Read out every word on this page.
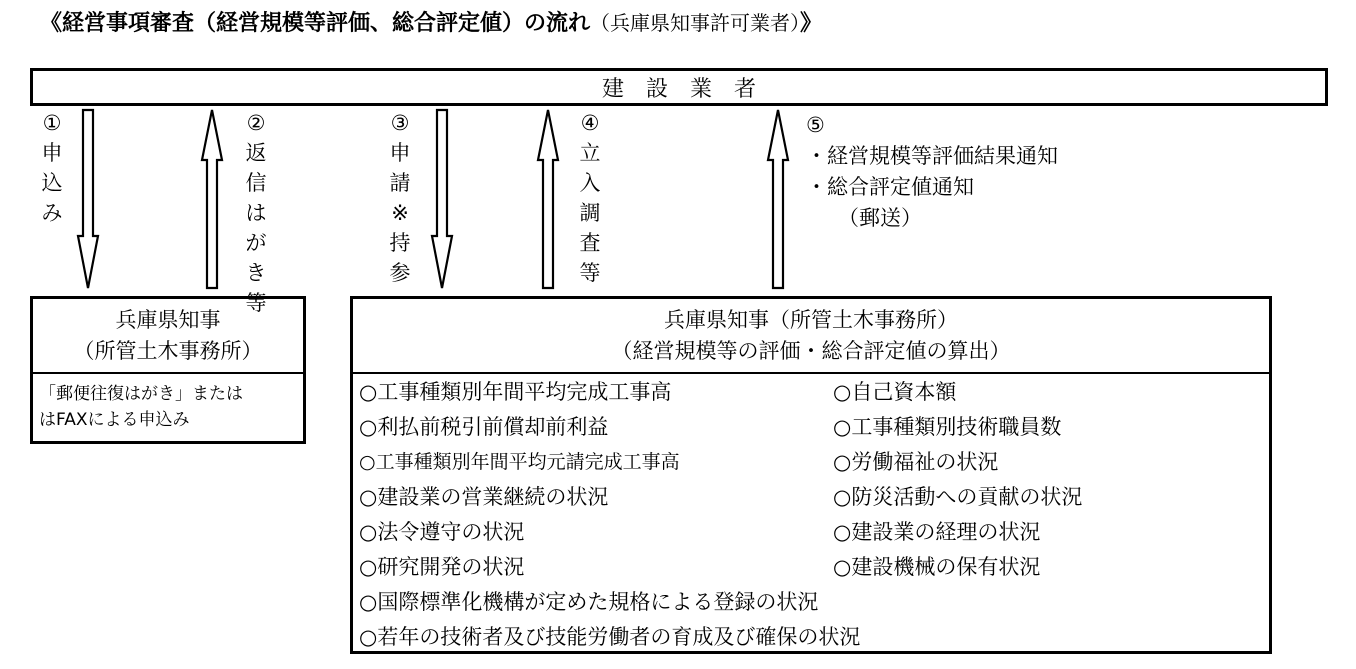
《経営事項審査（経営規模等評価、総合評定値）の流れ（兵庫県知事許可業者）》
建設業者
①
申
込
み
②
返
信
は
が
き
等
③
申
請
※
持
参
④
立
入
調
査
等
⑤
・経営規模等評価結果通知
・総合評定値通知
（郵送）
兵庫県知事
（所管土木事務所）
「郵便往復はがき」または
はFAXによる申込み
兵庫県知事（所管土木事務所）
（経営規模等の評価・総合評定値の算出）
○工事種類別年間平均完成工事高	○自己資本額
○利払前税引前償却前利益	○工事種類別技術職員数
○工事種類別年間平均元請完成工事高	○労働福祉の状況
○建設業の営業継続の状況	○防災活動への貢献の状況
○法令遵守の状況	○建設業の経理の状況
○研究開発の状況	○建設機械の保有状況
○国際標準化機構が定めた規格による登録の状況
○若年の技術者及び技能労働者の育成及び確保の状況
